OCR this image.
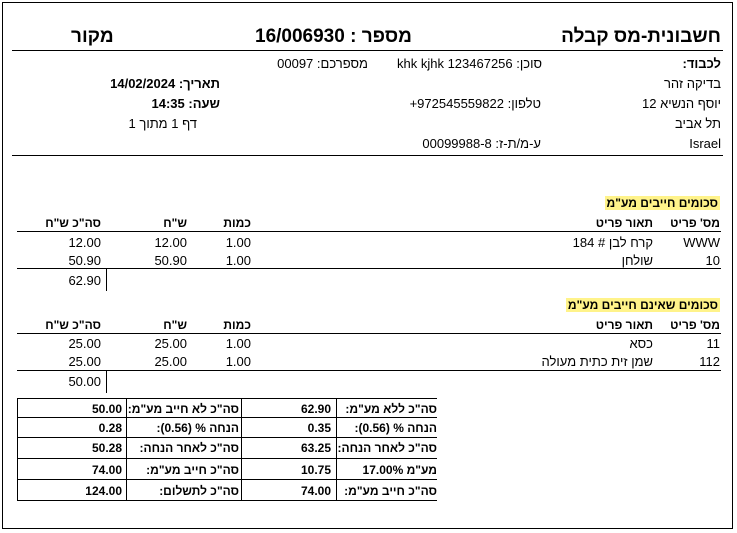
חשבונית-מס קבלה
16/006930 מספר :
מקור
לכבוד:
בדיקה זהר
יוסף הנשיא 12
תל אביב
Israel
סוכן: khk kjhk 123467256
טלפון: +972545559822
ע-מ/ת-ז: 00099988-8
מספרכם: 00097
תאריך: 14/02/2024
שעה: 14:35
דף 1 מתוך 1
סכומים חייבים מע"מ
מס' פריט
תאור פריט
כמות
ש"ח
סה"כ ש"ח
WWW
קרח לבן # 184
1.00
12.00
12.00
10
שולחן
1.00
50.90
50.90
62.90
סכומים שאינם חייבים מע"מ
מס' פריט
תאור פריט
כמות
ש"ח
סה"כ ש"ח
11
כסא
1.00
25.00
25.00
112
שמן זית כתית מעולה
1.00
25.00
25.00
50.00
סה"כ ללא מע"מ:
62.90
הנחה % (0.56):
0.35
סה"כ לאחר הנחה:
63.25
מע"מ 17.00%
10.75
סה"כ חייב מע"מ:
74.00
סה"כ לא חייב מע"מ:
50.00
הנחה % (0.56):
0.28
סה"כ לאחר הנחה:
50.28
סה"כ חייב מע"מ:
74.00
סה"כ לתשלום:
124.00
